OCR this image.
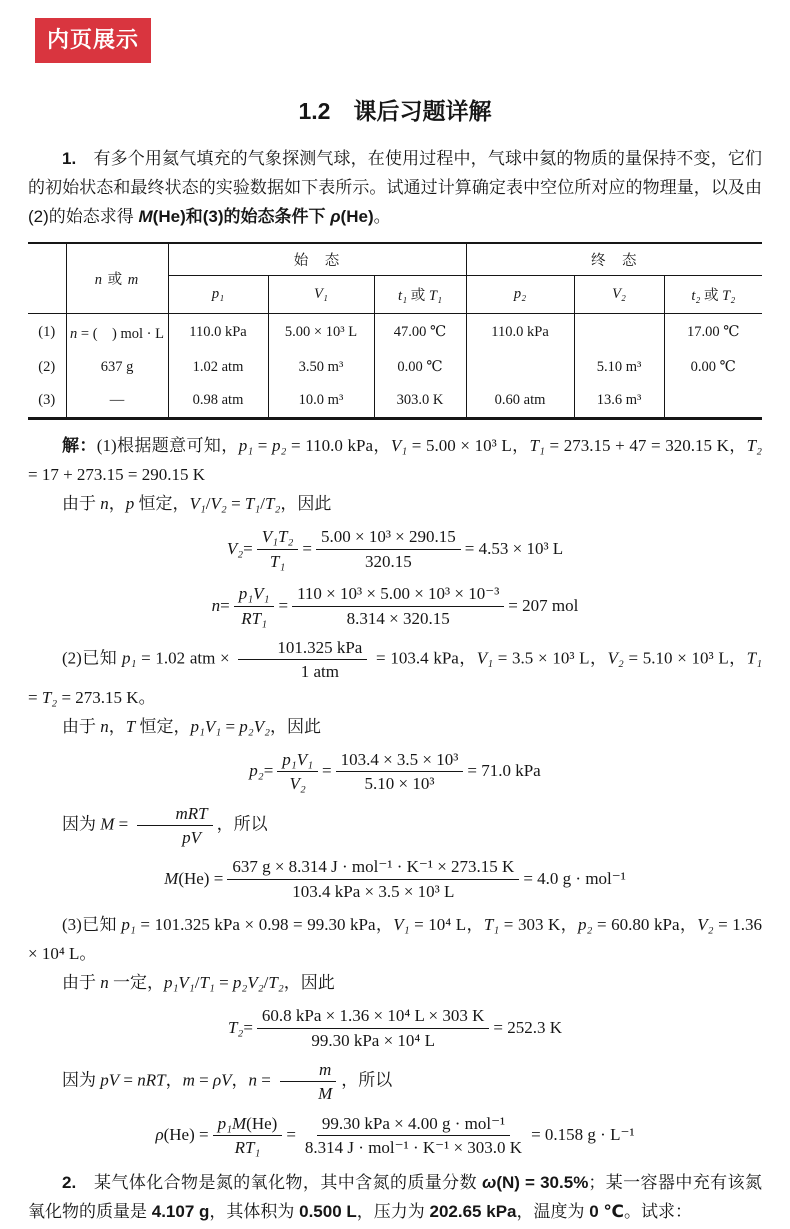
内页展示
1.2　课后习题详解

1.　有多个用氦气填充的气象探测气球，在使用过程中，气球中氦的物质的量保持不变，它们的初始状态和最终状态的实验数据如下表所示。试通过计算确定表中空位所对应的物理量，以及由(2)的始态求得 M(He)和(3)的始态条件下 ρ(He)。

	n 或 m	始　态			终　态		
		p₁	V₁	t₁ 或 T₁	p₂	V₂	t₂ 或 T₂
(1)	n = (　) mol · L	110.0 kPa	5.00 × 10³ L	47.00 ℃	110.0 kPa		17.00 ℃
(2)	637 g	1.02 atm	3.50 m³	0.00 ℃		5.10 m³	0.00 ℃
(3)	—	0.98 atm	10.0 m³	303.0 K	0.60 atm	13.6 m³	

解：(1)根据题意可知，p₁ = p₂ = 110.0 kPa，V₁ = 5.00 × 10³ L，T₁ = 273.15 + 47 = 320.15 K，T₂ = 17 + 273.15 = 290.15 K

由于 n，p 恒定，V₁/V₂ = T₁/T₂，因此

$V_2 = \frac{\text{V₁T₂}}{\text{T₁}} = \frac{\text{5.00 × 10³ × 290.15}}{320.15} = 4.53 \times 10^3$ L
$n = \frac{\text{p₁V₁}}{\text{RT₁}} = \frac{\text{110 × 10³ × 5.00 × 10³ × 10⁻³}}{8.314 \times 320.15} = 207$ mol

(2)已知 p₁ = 1.02 atm × $\frac{\text{101.325 kPa}}{\text{1 atm}} = 103.4$ kPa，V₁ = 3.5 × 10³ L，V₂ = 5.10 × 10³ L，T₁ = T₂ = 273.15 K。

由于 n，T 恒定，p₁V₁ = p₂V₂，因此

$p_2 = \frac{\text{p₁V₁}}{\text{V₂}} = \frac{\text{103.4 × 3.5 × 10³}}{\text{5.10 × 10³}} = 71.0$ kPa

因为 $M = \frac{\text{mRT}}{pV}$ ，所以

M $(He) = \frac{\text{637 g × 8.314 J · mol⁻¹ · K⁻¹ × 273.15 K}}{\text{103.4 kPa × 3.5 × 10³ L}} = 4.0$ g · mol⁻¹

(3)已知 p₁ = 101.325 kPa × 0.98 = 99.30 kPa，V₁ = 10⁴ L，T₁ = 303 K，p₂ = 60.80 kPa，V₂ = 1.36 × 10⁴ L。

由于 n 一定，p₁V₁/T₁ = p₂V₂/T₂，因此

$T_2 = \frac{\text{60.8 kPa × 1.36 × 10⁴ L × 303 K}}{\text{99.30 kPa × 10⁴ L}} = 252.3$ K

因为 pV = nRT，m = ρV，$n = \frac{m}{M}$ ，所以

ρ $(He) = \frac{\text{p₁M(He)}}{\text{RT₁}} = \frac{\text{99.30 kPa × 4.00 g · mol⁻¹}}{\text{8.314 J · mol⁻¹ · K⁻¹ × 303.0 K}} = 0.158$ g · L⁻¹

2.　某气体化合物是氮的氧化物，其中含氮的质量分数 ω(N) = 30.5%；某一容器中充有该氮氧化物的质量是 4.107 g，其体积为 0.500 L，压力为 202.65 kPa，温度为 0 ℃。试求：
